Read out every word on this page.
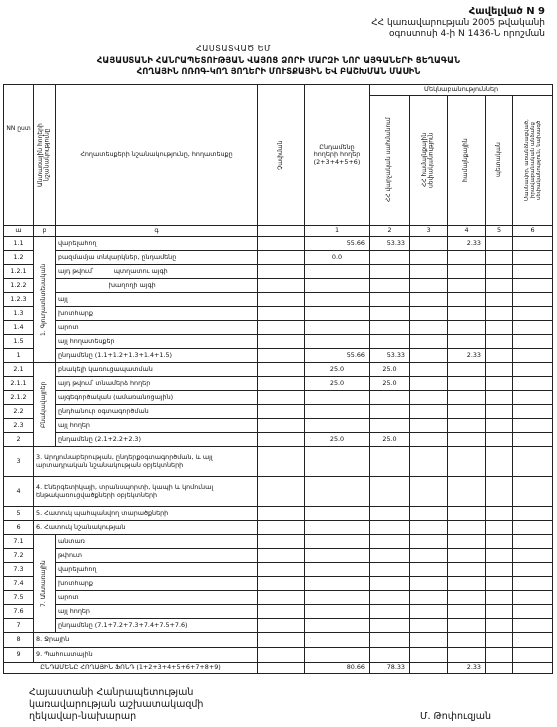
Հավելված N 9
ՀՀ կառավարության 2005 թվականի
օգոստոսի 4-ի N 1436-Ն որոշման
ՀԱՍՏԱՏՎԱԾ ԵՄ
ՀԱՅԱՍՏԱՆԻ ՀԱՆՐԱՊԵՏՈՒԹՅԱՆ ՎԱՅՈՑ ՁՈՐԻ ՄԱՐԶԻ ՆՈՐ ԱՅԳԱՆԵՐԻ ՑԵՂԱԳԱՆ
ՀՈՂԱՅԻՆ ՈՌՈԳ-ԿՈՂ ՅՈՂԵՐԻ ՄՈՒՏՔԱՅԻՆ ԵՎ ԲԱՇԽՄԱՆ ՄԱՍԻՆ
NN ըստ	Անտառային հողերի նշանակությունը	Հողատեսքերի նշանակությունը, հողատեսքը	Չափման	Ընդամենը հողերի հողեր (2+3+4+5+6)	Մեկնաբանություններ				

					ՀՀ վարչական սահմանում	ՀՀ համայնքային սեփականություն	համայնքային	պետական	Մասնավոր, առանձնացված, իրավաբանական անձանց սեփականություն, նախագծ

ա	բ	գ		1	2	3	4	5	6
1.1	1. Գյուղատնտեսական	վարելահող		55.66	53.33		2.33		
1.2		բազմամյա տնկարկներ, ընդամենը		0.0					
1.2.1		այդ թվում՝          պտղատու այգի							
1.2.2		խաղողի այգի							
1.2.3		այլ							
1.3		խոտհարք							
1.4		արոտ							
1.5		այլ հողատեսքեր							
1		ընդամենը (1.1+1.2+1.3+1.4+1.5)		55.66	53.33		2.33		
2.1	Բնակավայրեր	բնակելի կառուցապատման		25.0	25.0				
2.1.1		այդ թվում՝ տնամերձ հողեր		25.0	25.0				
2.1.2		այգեգործական (ամառանոցային)							
2.2		ընդհանուր օգտագործման							
2.3		այլ հողեր							
2		ընդամենը (2.1+2.2+2.3)		25.0	25.0				
3	3. Արդյունաբերության, ընդերքօգտագործման, և այլ արտադրական նշանակության օբյեկտների								
4	4. Էներգետիկայի, տրանսպորտի, կապի և կոմունալ ենթակառուցվածքների օբյեկտների								
5	5. Հատուկ պահպանվող տարածքների								
6	6. Հատուկ նշանակության								
7.1	7. Անտառային	անտառ							
7.2		թփուտ							
7.3		վարելահող							
7.4		խոտհարք							
7.5		արոտ							
7.6		այլ հողեր							
7		ընդամենը (7.1+7.2+7.3+7.4+7.5+7.6)							
8	8. Ջրային								
9	9. Պահուստային								
ԸՆԴԱՄԵՆԸ ՀՈՂԱՅԻՆ ՖՈՆԴ (1+2+3+4+5+6+7+8+9)				80.66	78.33		2.33		
Հայաստանի Հանրապետության
կառավարության աշխատակազմի
ղեկավար-նախարար	Մ. Թոփուզյան
